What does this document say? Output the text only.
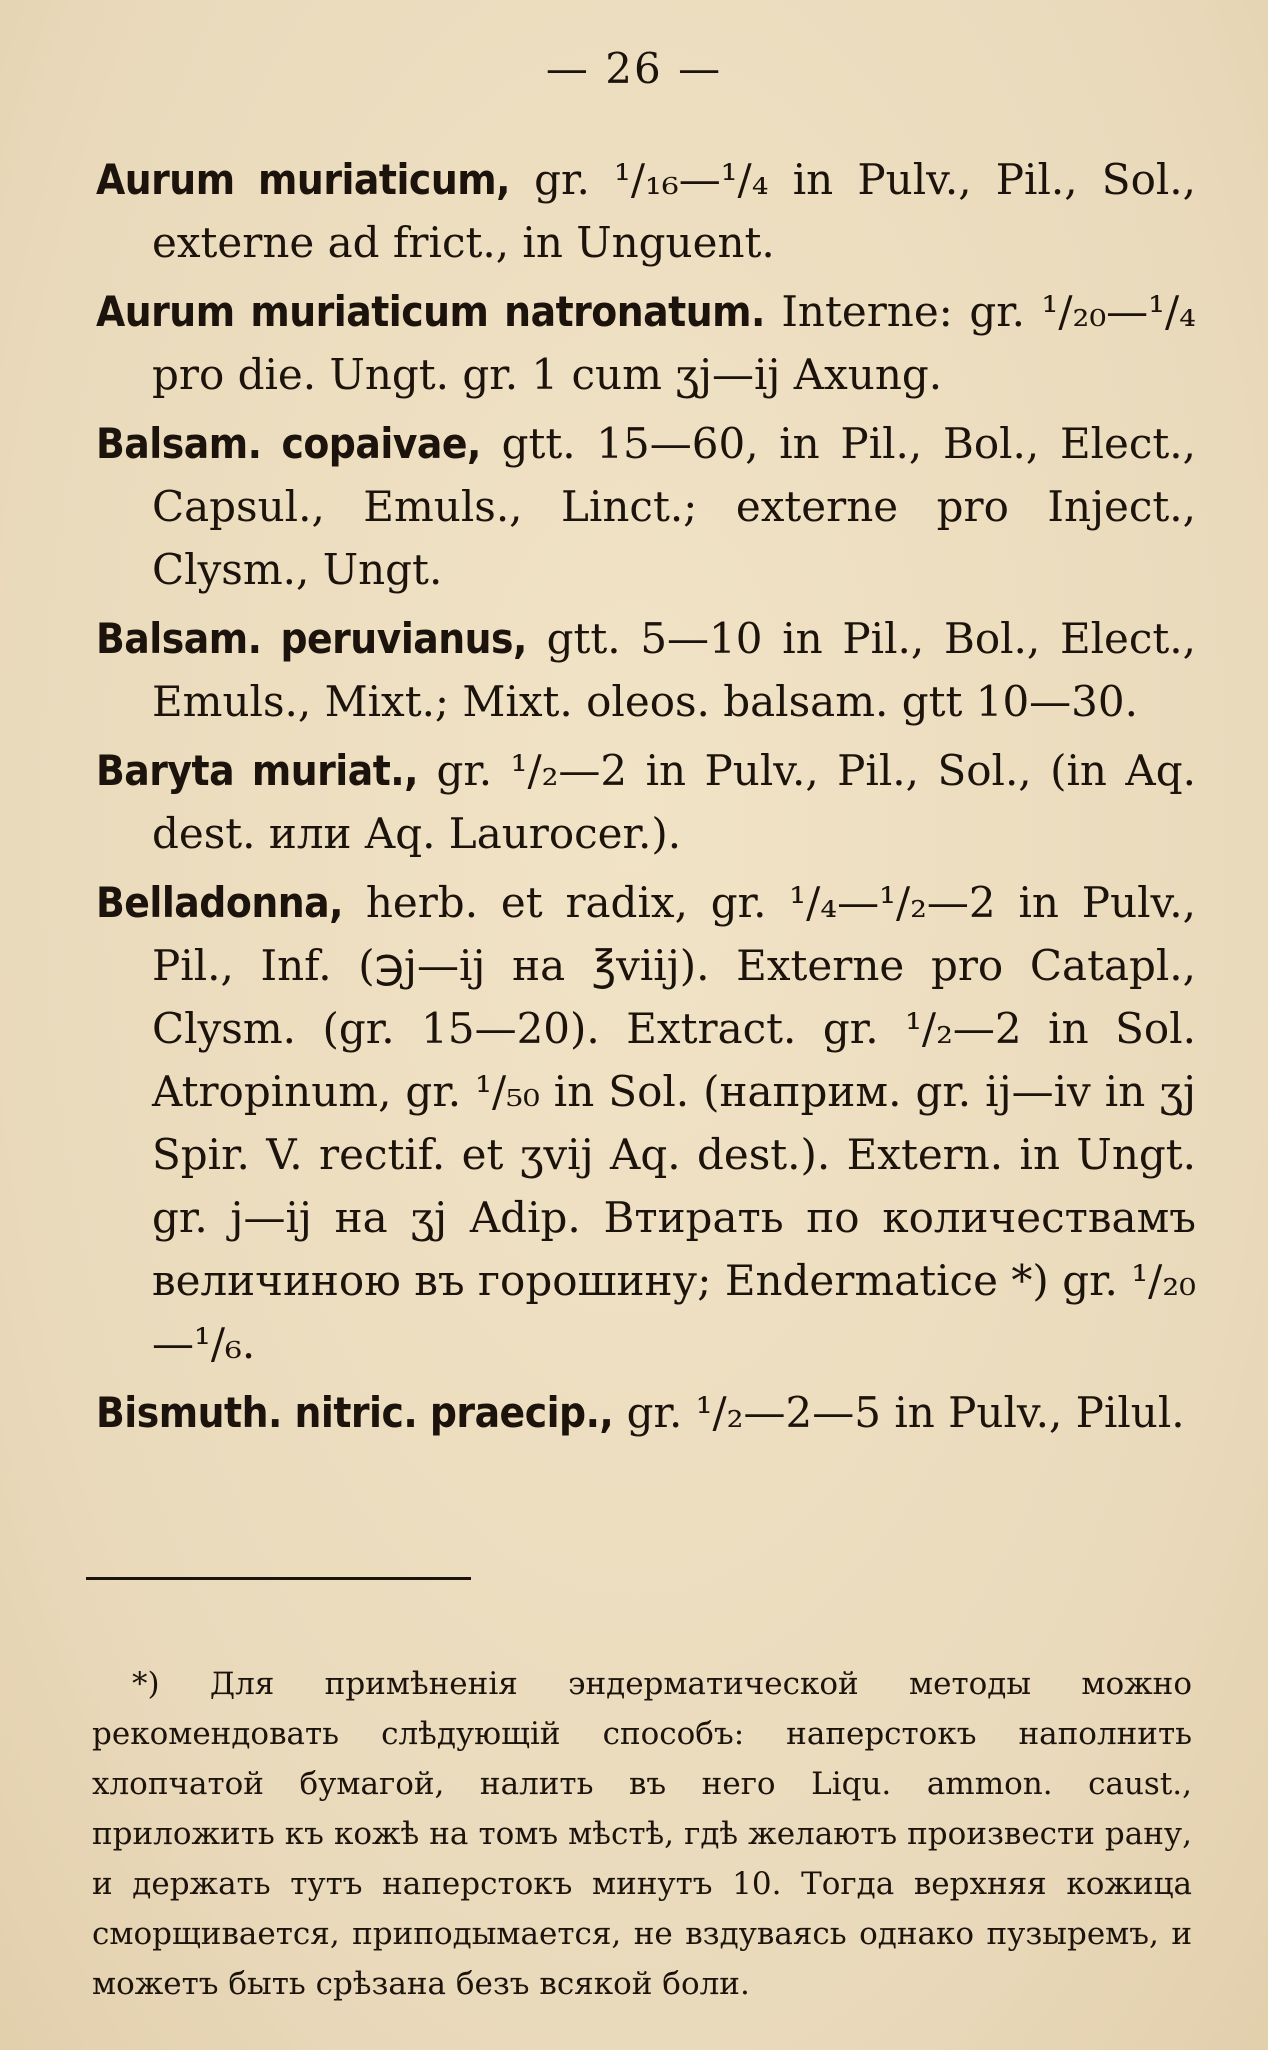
— 26 —

Aurum muriaticum, gr. ¹/₁₆—¹/₄ in Pulv., Pil., Sol., externe ad frict., in Unguent.

Aurum muriaticum natronatum. Interne: gr. ¹/₂₀—¹/₄ pro die. Ungt. gr. 1 cum ʒj—ij Axung.

Balsam. copaivae, gtt. 15—60, in Pil., Bol., Elect., Capsul., Emuls., Linct.; externe pro Inject., Clysm., Ungt.

Balsam. peruvianus, gtt. 5—10 in Pil., Bol., Elect., Emuls., Mixt.; Mixt. oleos. balsam. gtt 10—30.

Baryta muriat., gr. ¹/₂—2 in Pulv., Pil., Sol., (in Aq. dest. или Aq. Laurocer.).

Belladonna, herb. et radix, gr. ¹/₄—¹/₂—2 in Pulv., Pil., Inf. (℈j—ij на ℥viij). Externe pro Catapl., Clysm. (gr. 15—20). Extract. gr. ¹/₂—2 in Sol. Atropinum, gr. ¹/₅₀ in Sol. (наприм. gr. ij—iv in ʒj Spir. V. rectif. et ʒvij Aq. dest.). Extern. in Ungt. gr. j—ij на ʒj Adip. Втирать по количествамъ величиною въ горошину; Endermatice *) gr. ¹/₂₀—¹/₆.

Bismuth. nitric. praecip., gr. ¹/₂—2—5 in Pulv., Pilul.

*) Для примѣненія эндерматической методы можно рекомендовать слѣдующій способъ: наперстокъ наполнить хлопчатой бумагой, налить въ него Liqu. ammon. caust., приложить къ кожѣ на томъ мѣстѣ, гдѣ желаютъ произвести рану, и держать тутъ наперстокъ минутъ 10. Тогда верхняя кожица сморщивается, приподымается, не вздуваясь однако пузыремъ, и можетъ быть срѣзана безъ всякой боли.
